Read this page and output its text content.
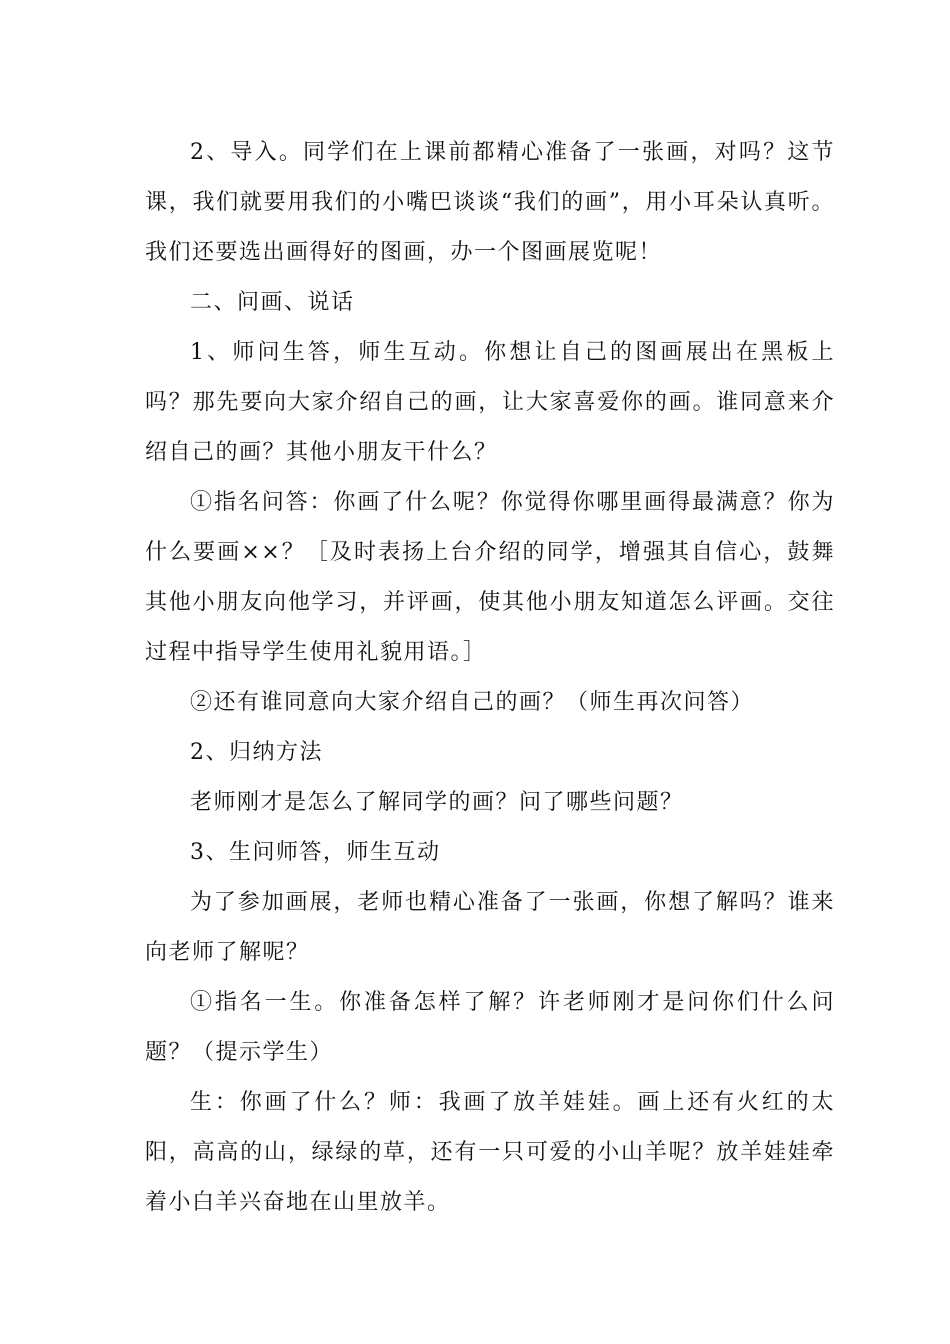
2、导入。同学们在上课前都精心准备了一张画，对吗？这节课，我们就要用我们的小嘴巴谈谈“我们的画”，用小耳朵认真听。我们还要选出画得好的图画，办一个图画展览呢！

二、问画、说话

1、师问生答，师生互动。你想让自己的图画展出在黑板上吗？那先要向大家介绍自己的画，让大家喜爱你的画。谁同意来介绍自己的画？其他小朋友干什么？

①指名问答：你画了什么呢？你觉得你哪里画得最满意？你为什么要画××？［及时表扬上台介绍的同学，增强其自信心，鼓舞其他小朋友向他学习，并评画，使其他小朋友知道怎么评画。交往过程中指导学生使用礼貌用语。］

②还有谁同意向大家介绍自己的画？（师生再次问答）

2、归纳方法

老师刚才是怎么了解同学的画？问了哪些问题？

3、生问师答，师生互动

为了参加画展，老师也精心准备了一张画，你想了解吗？谁来向老师了解呢？

①指名一生。你准备怎样了解？许老师刚才是问你们什么问题？（提示学生）

生：你画了什么？师：我画了放羊娃娃。画上还有火红的太阳，高高的山，绿绿的草，还有一只可爱的小山羊呢？放羊娃娃牵着小白羊兴奋地在山里放羊。
